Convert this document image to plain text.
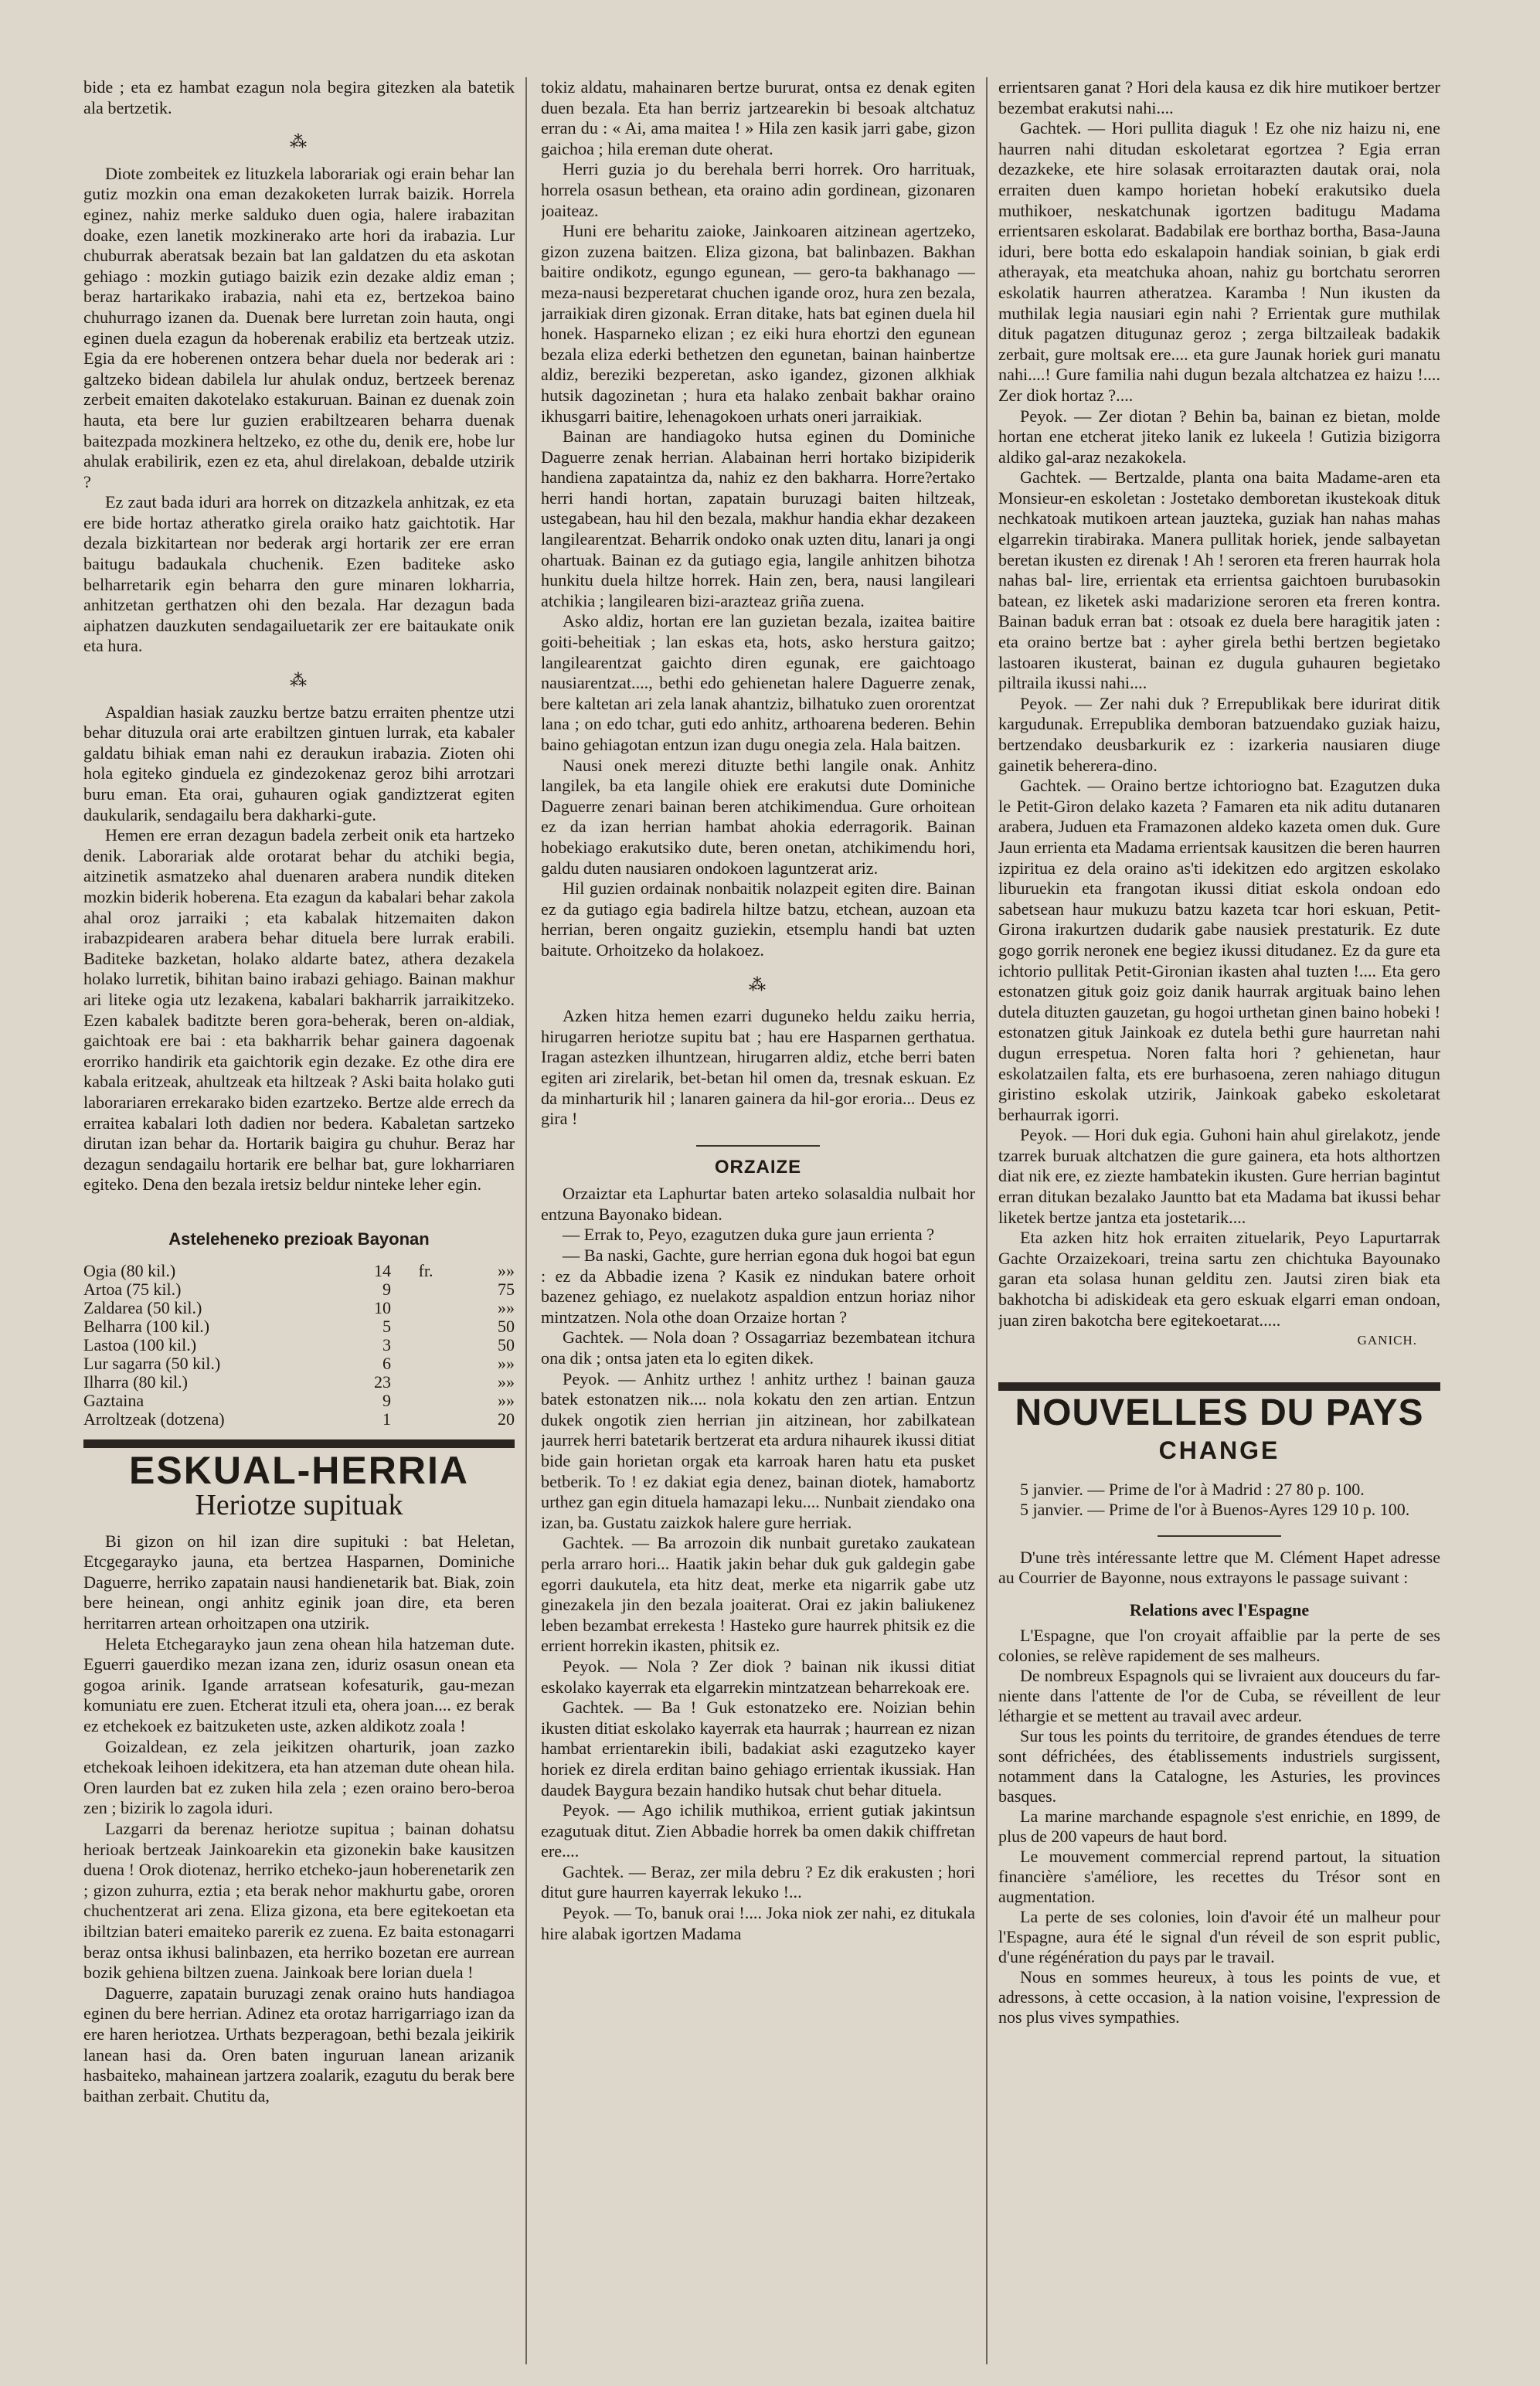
bide ; eta ez hambat ezagun nola begira gitezken ala batetik ala bertzetik.

⁂

Diote zombeitek ez lituzkela laborariak ogi erain behar lan gutiz mozkin ona eman dezakoketen lurrak baizik. Horrela eginez, nahiz merke salduko duen ogia, halere irabazitan doake, ezen lanetik mozkinerako arte hori da irabazia. Lur chuburrak aberatsak bezain bat lan galdatzen du eta askotan gehiago : mozkin gutiago baizik ezin dezake aldiz eman ; beraz hartarikako irabazia, nahi eta ez, bertzekoa baino chuhurrago izanen da. Duenak bere lurretan zoin hauta, ongi eginen duela ezagun da hoberenak erabiliz eta bertzeak utziz. Egia da ere hoberenen ontzera behar duela nor bederak ari : galtzeko bidean dabilela lur ahulak onduz, bertzeek berenaz zerbeit emaiten dakotelako estakuruan. Bainan ez duenak zoin hauta, eta bere lur guzien erabiltzearen beharra duenak baitezpada mozkinera heltzeko, ez othe du, denik ere, hobe lur ahulak erabilirik, ezen ez eta, ahul direlakoan, debalde utzirik ?

Ez zaut bada iduri ara horrek on ditzazkela anhitzak, ez eta ere bide hortaz atheratko girela oraiko hatz gaichtotik. Har dezala bizkitartean nor bederak argi hortarik zer ere erran baitugu badaukala chuchenik. Ezen baditeke asko belharretarik egin beharra den gure minaren lokharria, anhitzetan gerthatzen ohi den bezala. Har dezagun bada aiphatzen dauzkuten sendagailuetarik zer ere baitaukate onik eta hura.

⁂

Aspaldian hasiak zauzku bertze batzu erraiten phentze utzi behar dituzula orai arte erabiltzen gintuen lurrak, eta kabaler galdatu bihiak eman nahi ez deraukun irabazia. Zioten ohi hola egiteko ginduela ez gindezokenaz geroz bihi arrotzari buru eman. Eta orai, guhauren ogiak gandiztzerat egiten daukularik, sendagailu bera dakharki-gute.

Hemen ere erran dezagun badela zerbeit onik eta hartzeko denik. Laborariak alde orotarat behar du atchiki begia, aitzinetik asmatzeko ahal duenaren arabera nundik diteken mozkin biderik hoberena. Eta ezagun da kabalari behar zakola ahal oroz jarraiki ; eta kabalak hitzemaiten dakon irabazpidearen arabera behar dituela bere lurrak erabili. Baditeke bazketan, holako aldarte batez, athera dezakela holako lurretik, bihitan baino irabazi gehiago. Bainan makhur ari liteke ogia utz lezakena, kabalari bakharrik jarraikitzeko. Ezen kabalek baditzte beren gora-beherak, beren on-aldiak, gaichtoak ere bai : eta bakharrik behar gainera dagoenak erorriko handirik eta gaichtorik egin dezake. Ez othe dira ere kabala eritzeak, ahultzeak eta hiltzeak ? Aski baita holako guti laborariaren errekarako biden ezartzeko. Bertze alde errech da erraitea kabalari loth dadien nor bedera. Kabaletan sartzeko dirutan izan behar da. Hortarik baigira gu chuhur. Beraz har dezagun sendagailu hortarik ere belhar bat, gure lokharriaren egiteko. Dena den bezala iretsiz beldur ninteke leher egin.

Asteleheneko prezioak Bayonan
Ogia (80 kil.)	14	fr.	»»
Artoa (75 kil.)	9		75
Zaldarea (50 kil.)	10		»»
Belharra (100 kil.)	5		50
Lastoa (100 kil.)	3		50
Lur sagarra (50 kil.)	6		»»
Ilharra (80 kil.)	23		»»
Gaztaina	9		»»
Arroltzeak (dotzena)	1		20
ESKUAL-HERRIA
Heriotze supituak

Bi gizon on hil izan dire supituki : bat Heletan, Etcgegarayko jauna, eta bertzea Hasparnen, Dominiche Daguerre, herriko zapatain nausi handienetarik bat. Biak, zoin bere heinean, ongi anhitz eginik joan dire, eta beren herritarren artean orhoitzapen ona utzirik.

Heleta Etchegarayko jaun zena ohean hila hatzeman dute. Eguerri gauerdiko mezan izana zen, iduriz osasun onean eta gogoa arinik. Igande arratsean kofesaturik, gau-mezan komuniatu ere zuen. Etcherat itzuli eta, ohera joan.... ez berak ez etchekoek ez baitzuketen uste, azken aldikotz zoala !

Goizaldean, ez zela jeikitzen oharturik, joan zazko etchekoak leihoen idekitzera, eta han atzeman dute ohean hila. Oren laurden bat ez zuken hila zela ; ezen oraino bero-beroa zen ; bizirik lo zagola iduri.

Lazgarri da berenaz heriotze supitua ; bainan dohatsu herioak bertzeak Jainkoarekin eta gizonekin bake kausitzen duena ! Orok diotenaz, herriko etcheko-jaun hoberenetarik zen ; gizon zuhurra, eztia ; eta berak nehor makhurtu gabe, ororen chuchentzerat ari zena. Eliza gizona, eta bere egitekoetan eta ibiltzian bateri emaiteko parerik ez zuena. Ez baita estonagarri beraz ontsa ikhusi balinbazen, eta herriko bozetan ere aurrean bozik gehiena biltzen zuena. Jainkoak bere lorian duela !

Daguerre, zapatain buruzagi zenak oraino huts handiagoa eginen du bere herrian. Adinez eta orotaz harrigarriago izan da ere haren heriotzea. Urthats bezperagoan, bethi bezala jeikirik lanean hasi da. Oren baten inguruan lanean arizanik hasbaiteko, mahainean jartzera zoalarik, ezagutu du berak bere baithan zerbait. Chutitu da,

tokiz aldatu, mahainaren bertze bururat, ontsa ez denak egiten duen bezala. Eta han berriz jartzearekin bi besoak altchatuz erran du : « Ai, ama maitea ! » Hila zen kasik jarri gabe, gizon gaichoa ; hila ereman dute oherat.

Herri guzia jo du berehala berri horrek. Oro harrituak, horrela osasun bethean, eta oraino adin gordinean, gizonaren joaiteaz.

Huni ere beharitu zaioke, Jainkoaren aitzinean agertzeko, gizon zuzena baitzen. Eliza gizona, bat balinbazen. Bakhan baitire ondikotz, egungo egunean, — gero-ta bakhanago — meza-nausi bezperetarat chuchen igande oroz, hura zen bezala, jarraikiak diren gizonak. Erran ditake, hats bat eginen duela hil honek. Hasparneko elizan ; ez eiki hura ehortzi den egunean bezala eliza ederki bethetzen den egunetan, bainan hainbertze aldiz, bereziki bezperetan, asko igandez, gizonen alkhiak hutsik dagozinetan ; hura eta halako zenbait bakhar oraino ikhusgarri baitire, lehenagokoen urhats oneri jarraikiak.

Bainan are handiagoko hutsa eginen du Dominiche Daguerre zenak herrian. Alabainan herri hortako bizipiderik handiena zapataintza da, nahiz ez den bakharra. Horre?ertako herri handi hortan, zapatain buruzagi baiten hiltzeak, ustegabean, hau hil den bezala, makhur handia ekhar dezakeen langilearentzat. Beharrik ondoko onak uzten ditu, lanari ja ongi ohartuak. Bainan ez da gutiago egia, langile anhitzen bihotza hunkitu duela hiltze horrek. Hain zen, bera, nausi langileari atchikia ; langilearen bizi-arazteaz griña zuena.

Asko aldiz, hortan ere lan guzietan bezala, izaitea baitire goiti-beheitiak ; lan eskas eta, hots, asko herstura gaitzo; langilearentzat gaichto diren egunak, ere gaichtoago nausiarentzat...., bethi edo gehienetan halere Daguerre zenak, bere kaltetan ari zela lanak ahantziz, bilhatuko zuen ororentzat lana ; on edo tchar, guti edo anhitz, arthoarena bederen. Behin baino gehiagotan entzun izan dugu onegia zela. Hala baitzen.

Nausi onek merezi dituzte bethi langile onak. Anhitz langilek, ba eta langile ohiek ere erakutsi dute Dominiche Daguerre zenari bainan beren atchikimendua. Gure orhoitean ez da izan herrian hambat ahokia ederragorik. Bainan hobekiago erakutsiko dute, beren onetan, atchikimendu hori, galdu duten nausiaren ondokoen laguntzerat ariz.

Hil guzien ordainak nonbaitik nolazpeit egiten dire. Bainan ez da gutiago egia badirela hiltze batzu, etchean, auzoan eta herrian, beren ongaitz guziekin, etsemplu handi bat uzten baitute. Orhoitzeko da holakoez.

⁂

Azken hitza hemen ezarri duguneko heldu zaiku herria, hirugarren heriotze supitu bat ; hau ere Hasparnen gerthatua. Iragan astezken ilhuntzean, hirugarren aldiz, etche berri baten egiten ari zirelarik, bet-betan hil omen da, tresnak eskuan. Ez da minharturik hil ; lanaren gainera da hil-gor eroria... Deus ez gira !

ORZAIZE

Orzaiztar eta Laphurtar baten arteko solasaldia nulbait hor entzuna Bayonako bidean.

— Errak to, Peyo, ezagutzen duka gure jaun errienta ?

— Ba naski, Gachte, gure herrian egona duk hogoi bat egun : ez da Abbadie izena ? Kasik ez nindukan batere orhoit bazenez gehiago, ez nuelakotz aspaldion entzun horiaz nihor mintzatzen. Nola othe doan Orzaize hortan ?

Gachtek. — Nola doan ? Ossagarriaz bezembatean itchura ona dik ; ontsa jaten eta lo egiten dikek.

Peyok. — Anhitz urthez ! anhitz urthez ! bainan gauza batek estonatzen nik.... nola kokatu den zen artian. Entzun dukek ongotik zien herrian jin aitzinean, hor zabilkatean jaurrek herri batetarik bertzerat eta ardura nihaurek ikussi ditiat bide gain horietan orgak eta karroak haren hatu eta pusket betberik. To ! ez dakiat egia denez, bainan diotek, hamabortz urthez gan egin dituela hamazapi leku.... Nunbait ziendako ona izan, ba. Gustatu zaizkok halere gure herriak.

Gachtek. — Ba arrozoin dik nunbait guretako zaukatean perla arraro hori... Haatik jakin behar duk guk galdegin gabe egorri daukutela, eta hitz deat, merke eta nigarrik gabe utz ginezakela jin den bezala joaiterat. Orai ez jakin baliukenez leben bezambat errekesta ! Hasteko gure haurrek phitsik ez die errient horrekin ikasten, phitsik ez.

Peyok. — Nola ? Zer diok ? bainan nik ikussi ditiat eskolako kayerrak eta elgarrekin mintzatzean beharrekoak ere.

Gachtek. — Ba ! Guk estonatzeko ere. Noizian behin ikusten ditiat eskolako kayerrak eta haurrak ; haurrean ez nizan hambat errientarekin ibili, badakiat aski ezagutzeko kayer horiek ez direla erditan baino gehiago errientak ikussiak. Han daudek Baygura bezain handiko hutsak chut behar dituela.

Peyok. — Ago ichilik muthikoa, errient gutiak jakintsun ezagutuak ditut. Zien Abbadie horrek ba omen dakik chiffretan ere....

Gachtek. — Beraz, zer mila debru ? Ez dik erakusten ; hori ditut gure haurren kayerrak lekuko !...

Peyok. — To, banuk orai !.... Joka niok zer nahi, ez ditukala hire alabak igortzen Madama

errientsaren ganat ? Hori dela kausa ez dik hire mutikoer bertzer bezembat erakutsi nahi....

Gachtek. — Hori pullita diaguk ! Ez ohe niz haizu ni, ene haurren nahi ditudan eskoletarat egortzea ? Egia erran dezazkeke, ete hire solasak erroitarazten dautak orai, nola erraiten duen kampo horietan hobekí erakutsiko duela muthikoer, neskatchunak igortzen baditugu Madama errientsaren eskolarat. Badabilak ere borthaz bortha, Basa-Jauna iduri, bere botta edo eskalapoin handiak soinian, b giak erdi atherayak, eta meatchuka ahoan, nahiz gu bortchatu serorren eskolatik haurren atheratzea. Karamba ! Nun ikusten da muthilak legia nausiari egin nahi ? Errientak gure muthilak dituk pagatzen ditugunaz geroz ; zerga biltzaileak badakik zerbait, gure moltsak ere.... eta gure Jaunak horiek guri manatu nahi....! Gure familia nahi dugun bezala altchatzea ez haizu !.... Zer diok hortaz ?....

Peyok. — Zer diotan ? Behin ba, bainan ez bietan, molde hortan ene etcherat jiteko lanik ez lukeela ! Gutizia bizigorra aldiko gal-araz nezakokela.

Gachtek. — Bertzalde, planta ona baita Madame-aren eta Monsieur-en eskoletan : Jostetako demboretan ikustekoak dituk nechkatoak mutikoen artean jauzteka, guziak han nahas mahas elgarrekin tirabiraka. Manera pullitak horiek, jende salbayetan beretan ikusten ez direnak ! Ah ! seroren eta freren haurrak hola nahas bal- lire, errientak eta errientsa gaichtoen burubasokin batean, ez liketek aski madarizione seroren eta freren kontra. Bainan baduk erran bat : otsoak ez duela bere haragitik jaten : eta oraino bertze bat : ayher girela bethi bertzen begietako lastoaren ikusterat, bainan ez dugula guhauren begietako piltraila ikussi nahi....

Peyok. — Zer nahi duk ? Errepublikak bere idurirat ditik kargudunak. Errepublika demboran batzuendako guziak haizu, bertzendako deusbarkurik ez : izarkeria nausiaren diuge gainetik beherera-dino.

Gachtek. — Oraino bertze ichtoriogno bat. Ezagutzen duka le Petit-Giron delako kazeta ? Famaren eta nik aditu dutanaren arabera, Juduen eta Framazonen aldeko kazeta omen duk. Gure Jaun errienta eta Madama errientsak kausitzen die beren haurren izpiritua ez dela oraino as'ti idekitzen edo argitzen eskolako liburuekin eta frangotan ikussi ditiat eskola ondoan edo sabetsean haur mukuzu batzu kazeta tcar hori eskuan, Petit-Girona irakurtzen dudarik gabe nausiek prestaturik. Ez dute gogo gorrik neronek ene begiez ikussi ditudanez. Ez da gure eta ichtorio pullitak Petit-Gironian ikasten ahal tuzten !.... Eta gero estonatzen gituk goiz goiz danik haurrak argituak baino lehen dutela dituzten gauzetan, gu hogoi urthetan ginen baino hobeki ! estonatzen gituk Jainkoak ez dutela bethi gure haurretan nahi dugun errespetua. Noren falta hori ? gehienetan, haur eskolatzailen falta, ets ere burhasoena, zeren nahiago ditugun giristino eskolak utzirik, Jainkoak gabeko eskoletarat berhaurrak igorri.

Peyok. — Hori duk egia. Guhoni hain ahul girelakotz, jende tzarrek buruak altchatzen die gure gainera, eta hots althortzen diat nik ere, ez ziezte hambatekin ikusten. Gure herrian bagintut erran ditukan bezalako Jauntto bat eta Madama bat ikussi behar liketek bertze jantza eta jostetarik....

Eta azken hitz hok erraiten zituelarik, Peyo Lapurtarrak Gachte Orzaizekoari, treina sartu zen chichtuka Bayounako garan eta solasa hunan gelditu zen. Jautsi ziren biak eta bakhotcha bi adiskideak eta gero eskuak elgarri eman ondoan, juan ziren bakotcha bere egitekoetarat.....

GANICH.
NOUVELLES DU PAYS
CHANGE

5 janvier. — Prime de l'or à Madrid : 27 80 p. 100.

5 janvier. — Prime de l'or à Buenos-Ayres 129 10 p. 100.

D'une très intéressante lettre que M. Clément Hapet adresse au Courrier de Bayonne, nous extrayons le passage suivant :

Relations avec l'Espagne

L'Espagne, que l'on croyait affaiblie par la perte de ses colonies, se relève rapidement de ses malheurs.

De nombreux Espagnols qui se livraient aux douceurs du far-niente dans l'attente de l'or de Cuba, se réveillent de leur léthargie et se mettent au travail avec ardeur.

Sur tous les points du territoire, de grandes étendues de terre sont défrichées, des établissements industriels surgissent, notamment dans la Catalogne, les Asturies, les provinces basques.

La marine marchande espagnole s'est enrichie, en 1899, de plus de 200 vapeurs de haut bord.

Le mouvement commercial reprend partout, la situation financière s'améliore, les recettes du Trésor sont en augmentation.

La perte de ses colonies, loin d'avoir été un malheur pour l'Espagne, aura été le signal d'un réveil de son esprit public, d'une régénération du pays par le travail.

Nous en sommes heureux, à tous les points de vue, et adressons, à cette occasion, à la nation voisine, l'expression de nos plus vives sympathies.
